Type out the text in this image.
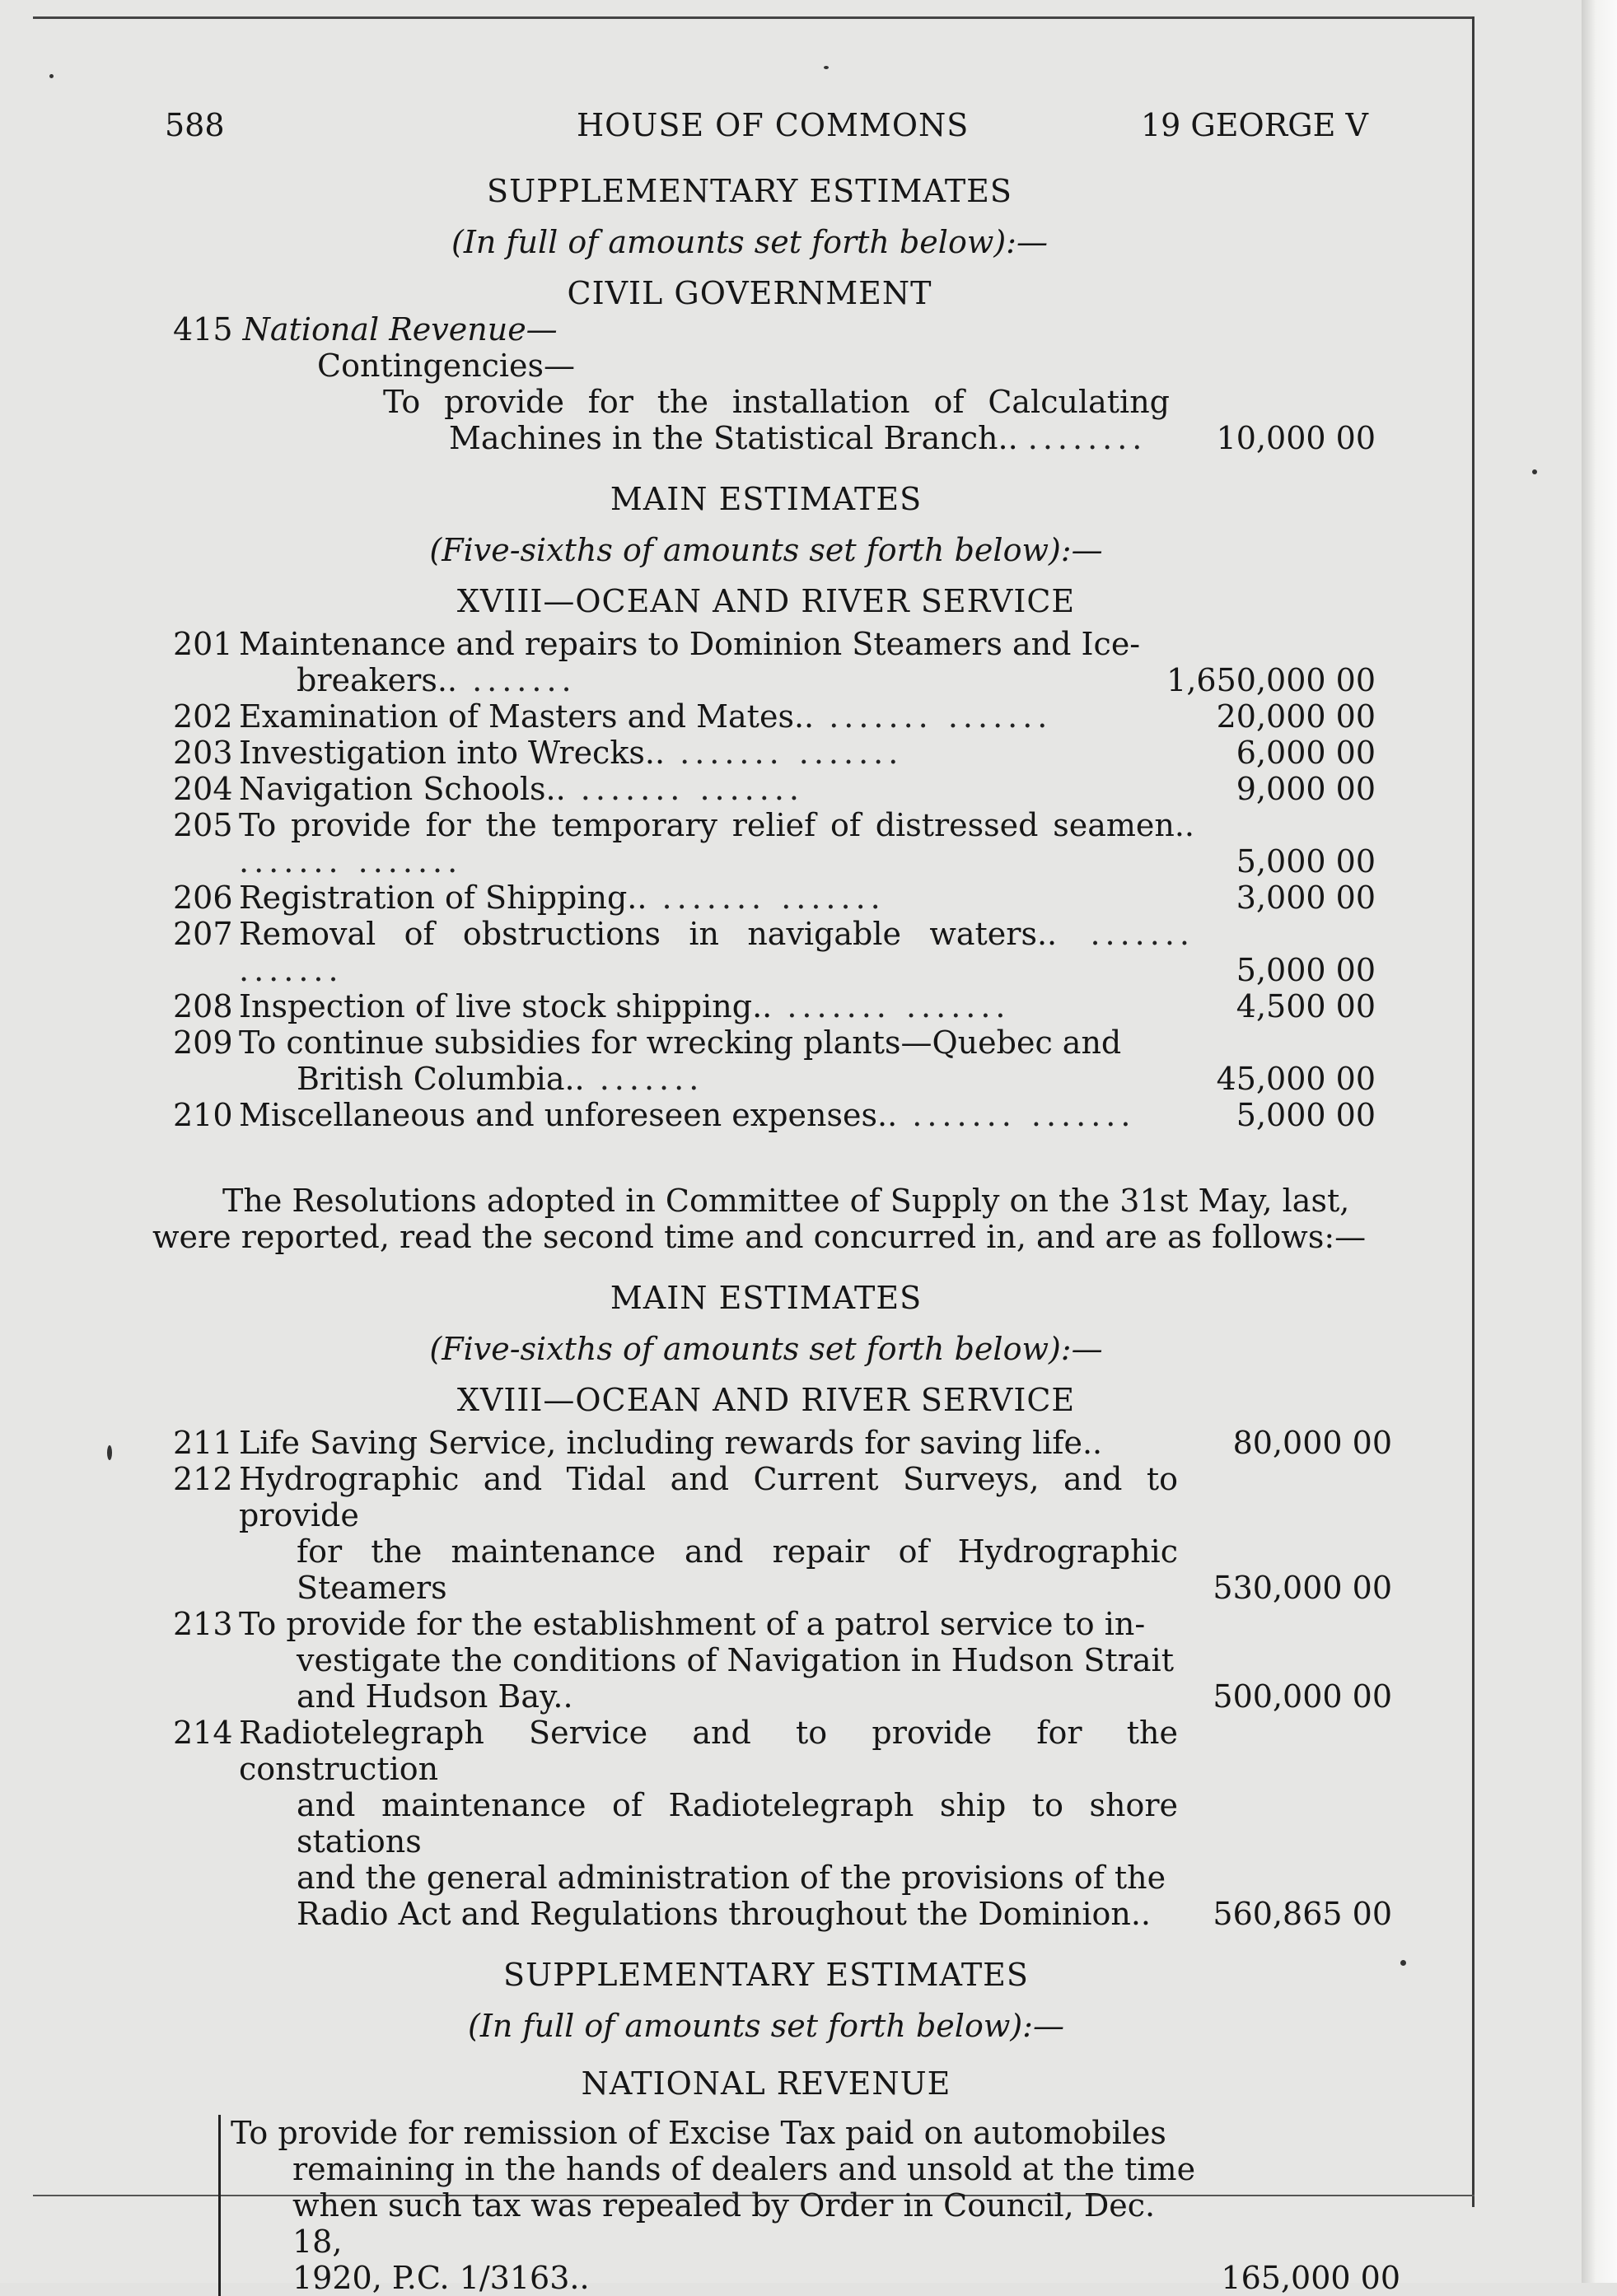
588	HOUSE OF COMMONS	19 GEORGE V

SUPPLEMENTARY ESTIMATES

(In full of amounts set forth below):—

CIVIL GOVERNMENT

415 National Revenue—
Contingencies—
To provide for the installation of Calculating
Machines in the Statistical Branch.. ........ 10,000 00

MAIN ESTIMATES

(Five-sixths of amounts set forth below):—

XVIII—OCEAN AND RIVER SERVICE

201 Maintenance and repairs to Dominion Steamers and Ice-
breakers.. .......	1,650,000 00
202 Examination of Masters and Mates.. ....... .......	20,000 00
203 Investigation into Wrecks.. ....... .......	6,000 00
204 Navigation Schools.. ....... .......	9,000 00
205 To provide for the temporary relief of distressed seamen.. ....... .......	5,000 00
206 Registration of Shipping.. ....... .......	3,000 00
207 Removal of obstructions in navigable waters.. ....... .......	5,000 00
208 Inspection of live stock shipping.. ....... .......	4,500 00
209 To continue subsidies for wrecking plants—Quebec and
British Columbia.. .......	45,000 00
210 Miscellaneous and unforeseen expenses.. ....... .......	5,000 00

The Resolutions adopted in Committee of Supply on the 31st May, last,

were reported, read the second time and concurred in, and are as follows:—

MAIN ESTIMATES

(Five-sixths of amounts set forth below):—

XVIII—OCEAN AND RIVER SERVICE

211 Life Saving Service, including rewards for saving life..	80,000 00
212 Hydrographic and Tidal and Current Surveys, and to provide
for the maintenance and repair of Hydrographic Steamers	530,000 00
213 To provide for the establishment of a patrol service to in-
vestigate the conditions of Navigation in Hudson Strait
and Hudson Bay..	500,000 00
214 Radiotelegraph Service and to provide for the construction
and maintenance of Radiotelegraph ship to shore stations
and the general administration of the provisions of the
Radio Act and Regulations throughout the Dominion..	560,865 00

SUPPLEMENTARY ESTIMATES

(In full of amounts set forth below):—

NATIONAL REVENUE

To provide for remission of Excise Tax paid on automobiles
remaining in the hands of dealers and unsold at the time
when such tax was repealed by Order in Council, Dec. 18,
1920, P.C. 1/3163..	165,000 00
